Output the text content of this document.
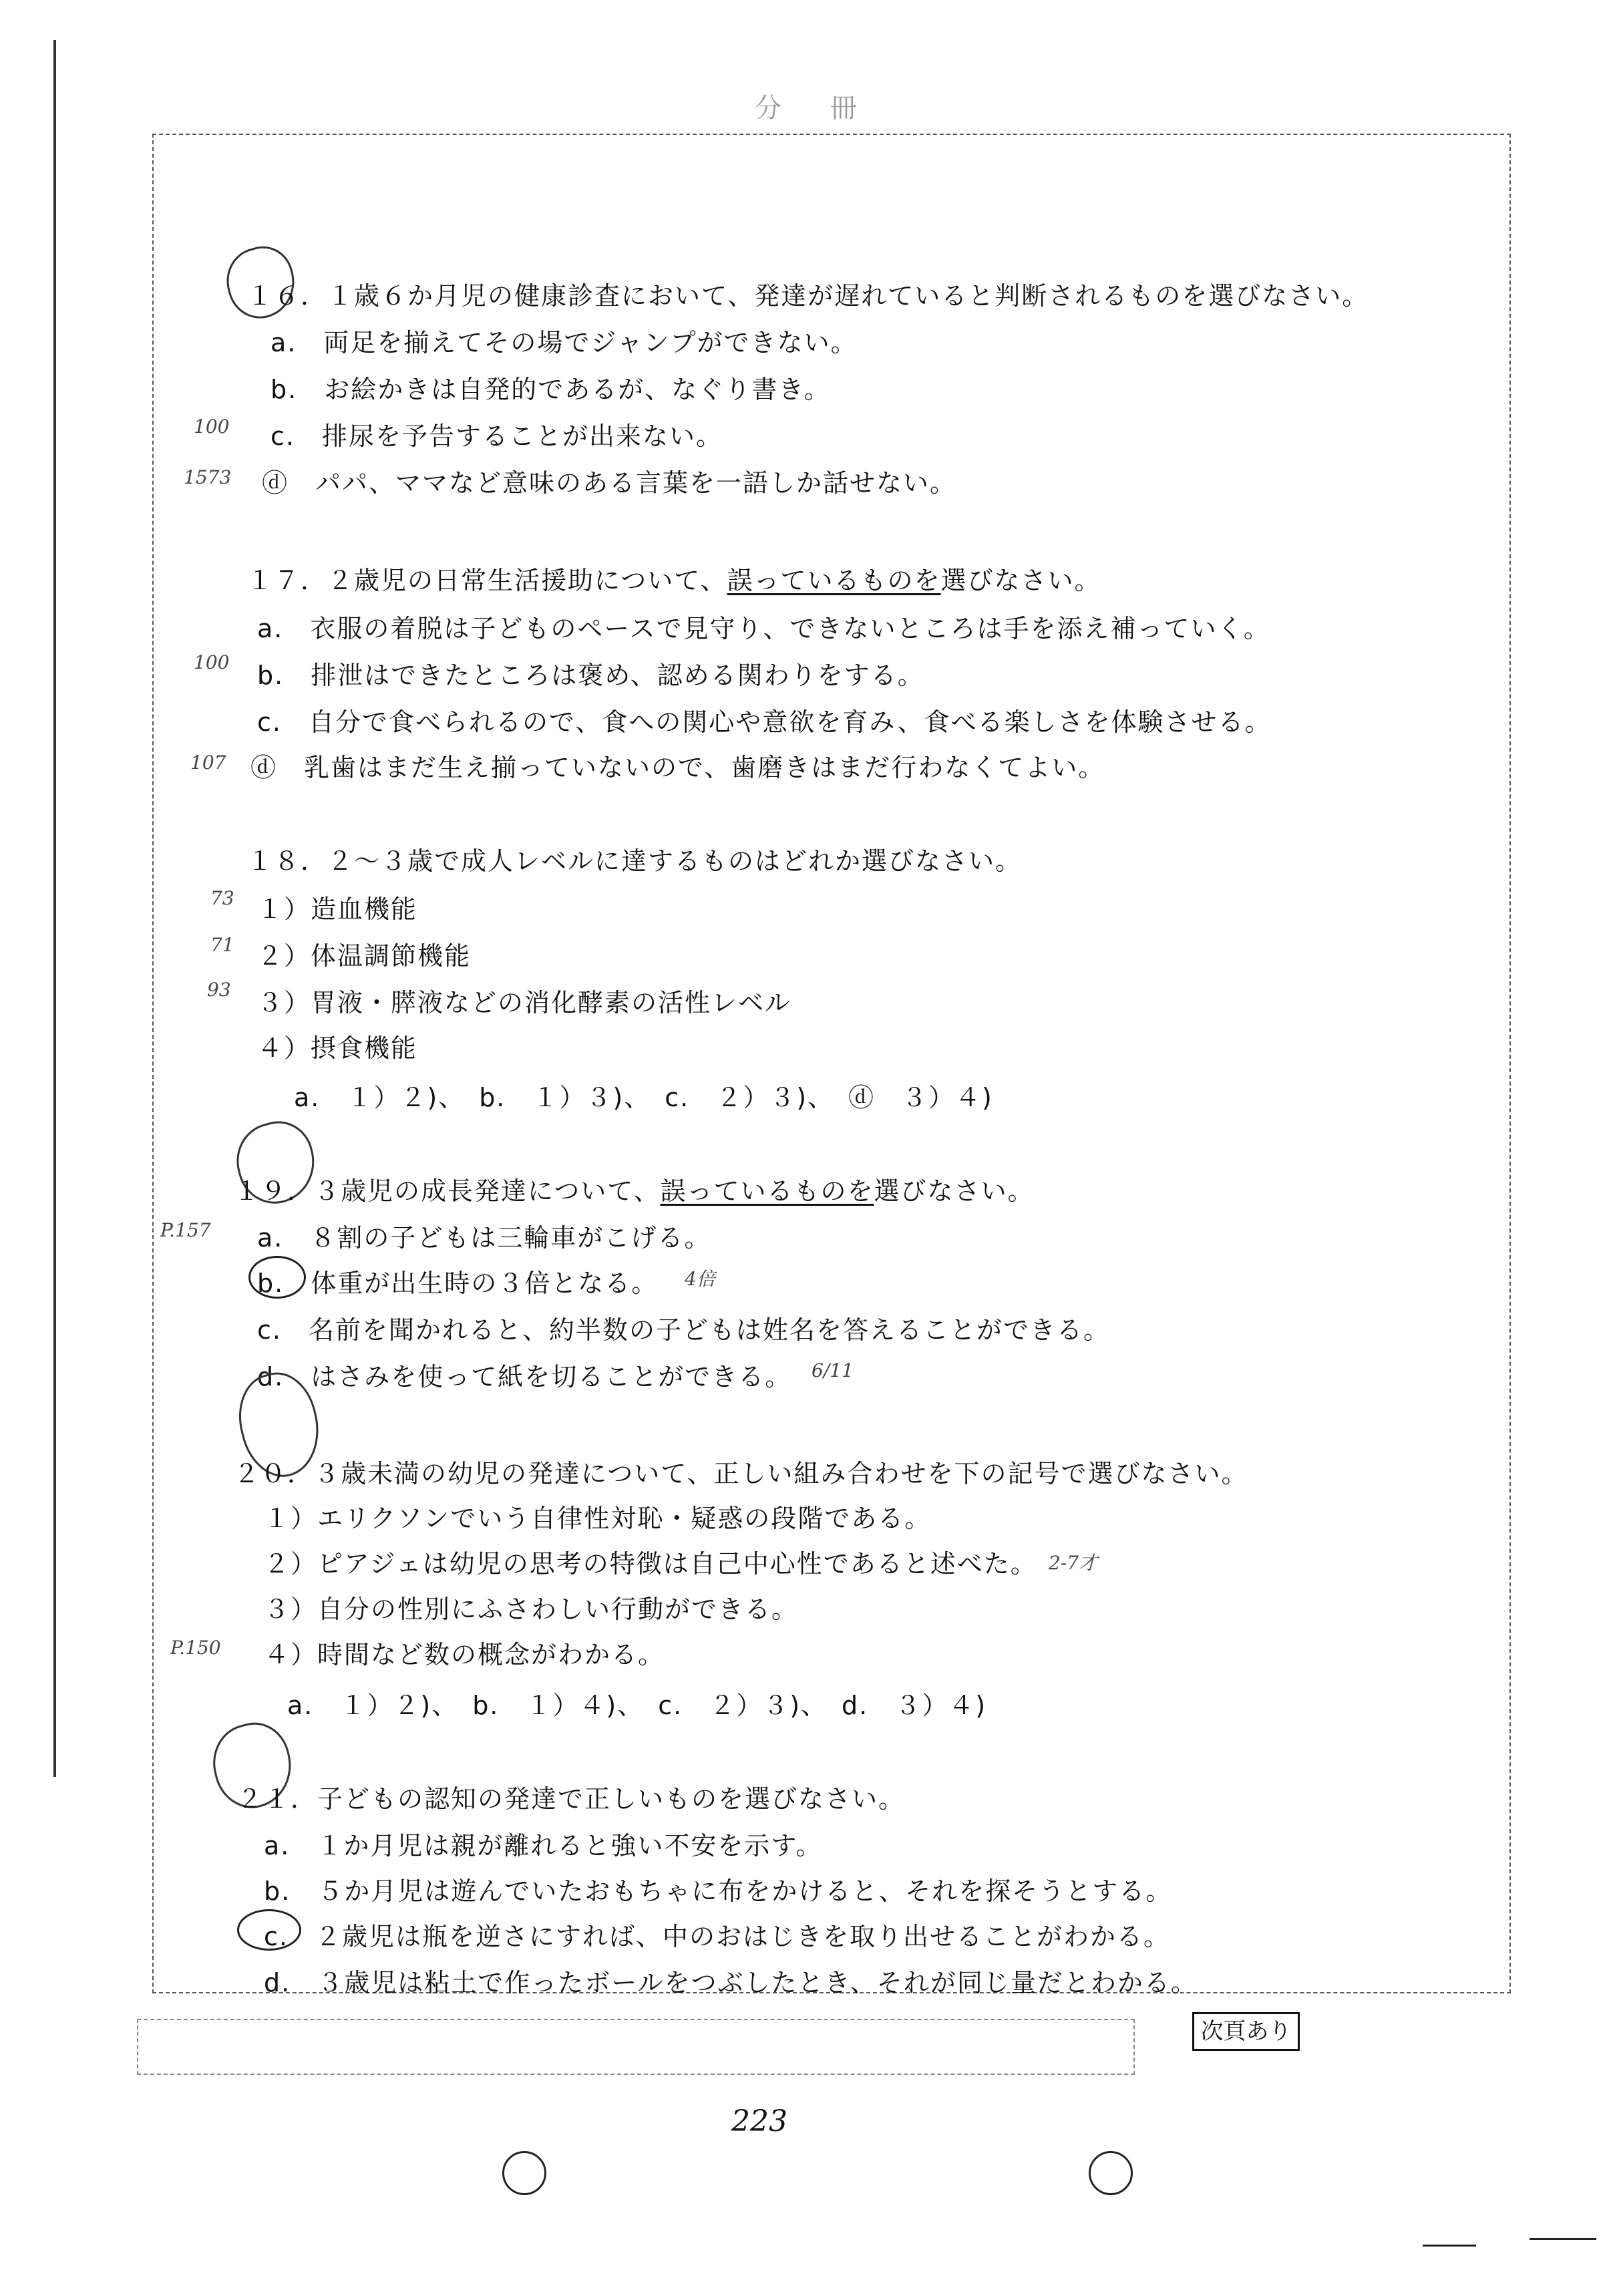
分 冊
１６．１歳６か月児の健康診査において、発達が遅れていると判断されるものを選びなさい。
a.　両足を揃えてその場でジャンプができない。
b.　お絵かきは自発的であるが、なぐり書き。
c.　排尿を予告することが出来ない。
ⓓ　パパ、ママなど意味のある言葉を一語しか話せない。
100
1573
１７．２歳児の日常生活援助について、誤っているものを選びなさい。
a.　衣服の着脱は子どものペースで見守り、できないところは手を添え補っていく。
b.　排泄はできたところは褒め、認める関わりをする。
c.　自分で食べられるので、食への関心や意欲を育み、食べる楽しさを体験させる。
ⓓ　乳歯はまだ生え揃っていないので、歯磨きはまだ行わなくてよい。
100
107
１８．２～３歳で成人レベルに達するものはどれか選びなさい。
１）造血機能
２）体温調節機能
３）胃液・膵液などの消化酵素の活性レベル
４）摂食機能
a.　１）２)、　b.　１）３)、　c.　２）３)、　ⓓ　３）４)
73
71
93
１９．３歳児の成長発達について、誤っているものを選びなさい。
a.　８割の子どもは三輪車がこげる。
b.　体重が出生時の３倍となる。
c.　名前を聞かれると、約半数の子どもは姓名を答えることができる。
d.　はさみを使って紙を切ることができる。
P.157
4倍
6/11
２０．３歳未満の幼児の発達について、正しい組み合わせを下の記号で選びなさい。
１）エリクソンでいう自律性対恥・疑惑の段階である。
２）ピアジェは幼児の思考の特徴は自己中心性であると述べた。
３）自分の性別にふさわしい行動ができる。
４）時間など数の概念がわかる。
a.　１）２)、　b.　１）４)、　c.　２）３)、　d.　３）４)
2-7才
P.150
２１．子どもの認知の発達で正しいものを選びなさい。
a.　１か月児は親が離れると強い不安を示す。
b.　５か月児は遊んでいたおもちゃに布をかけると、それを探そうとする。
c.　２歳児は瓶を逆さにすれば、中のおはじきを取り出せることがわかる。
d.　３歳児は粘土で作ったボールをつぶしたとき、それが同じ量だとわかる。
次頁あり
223
